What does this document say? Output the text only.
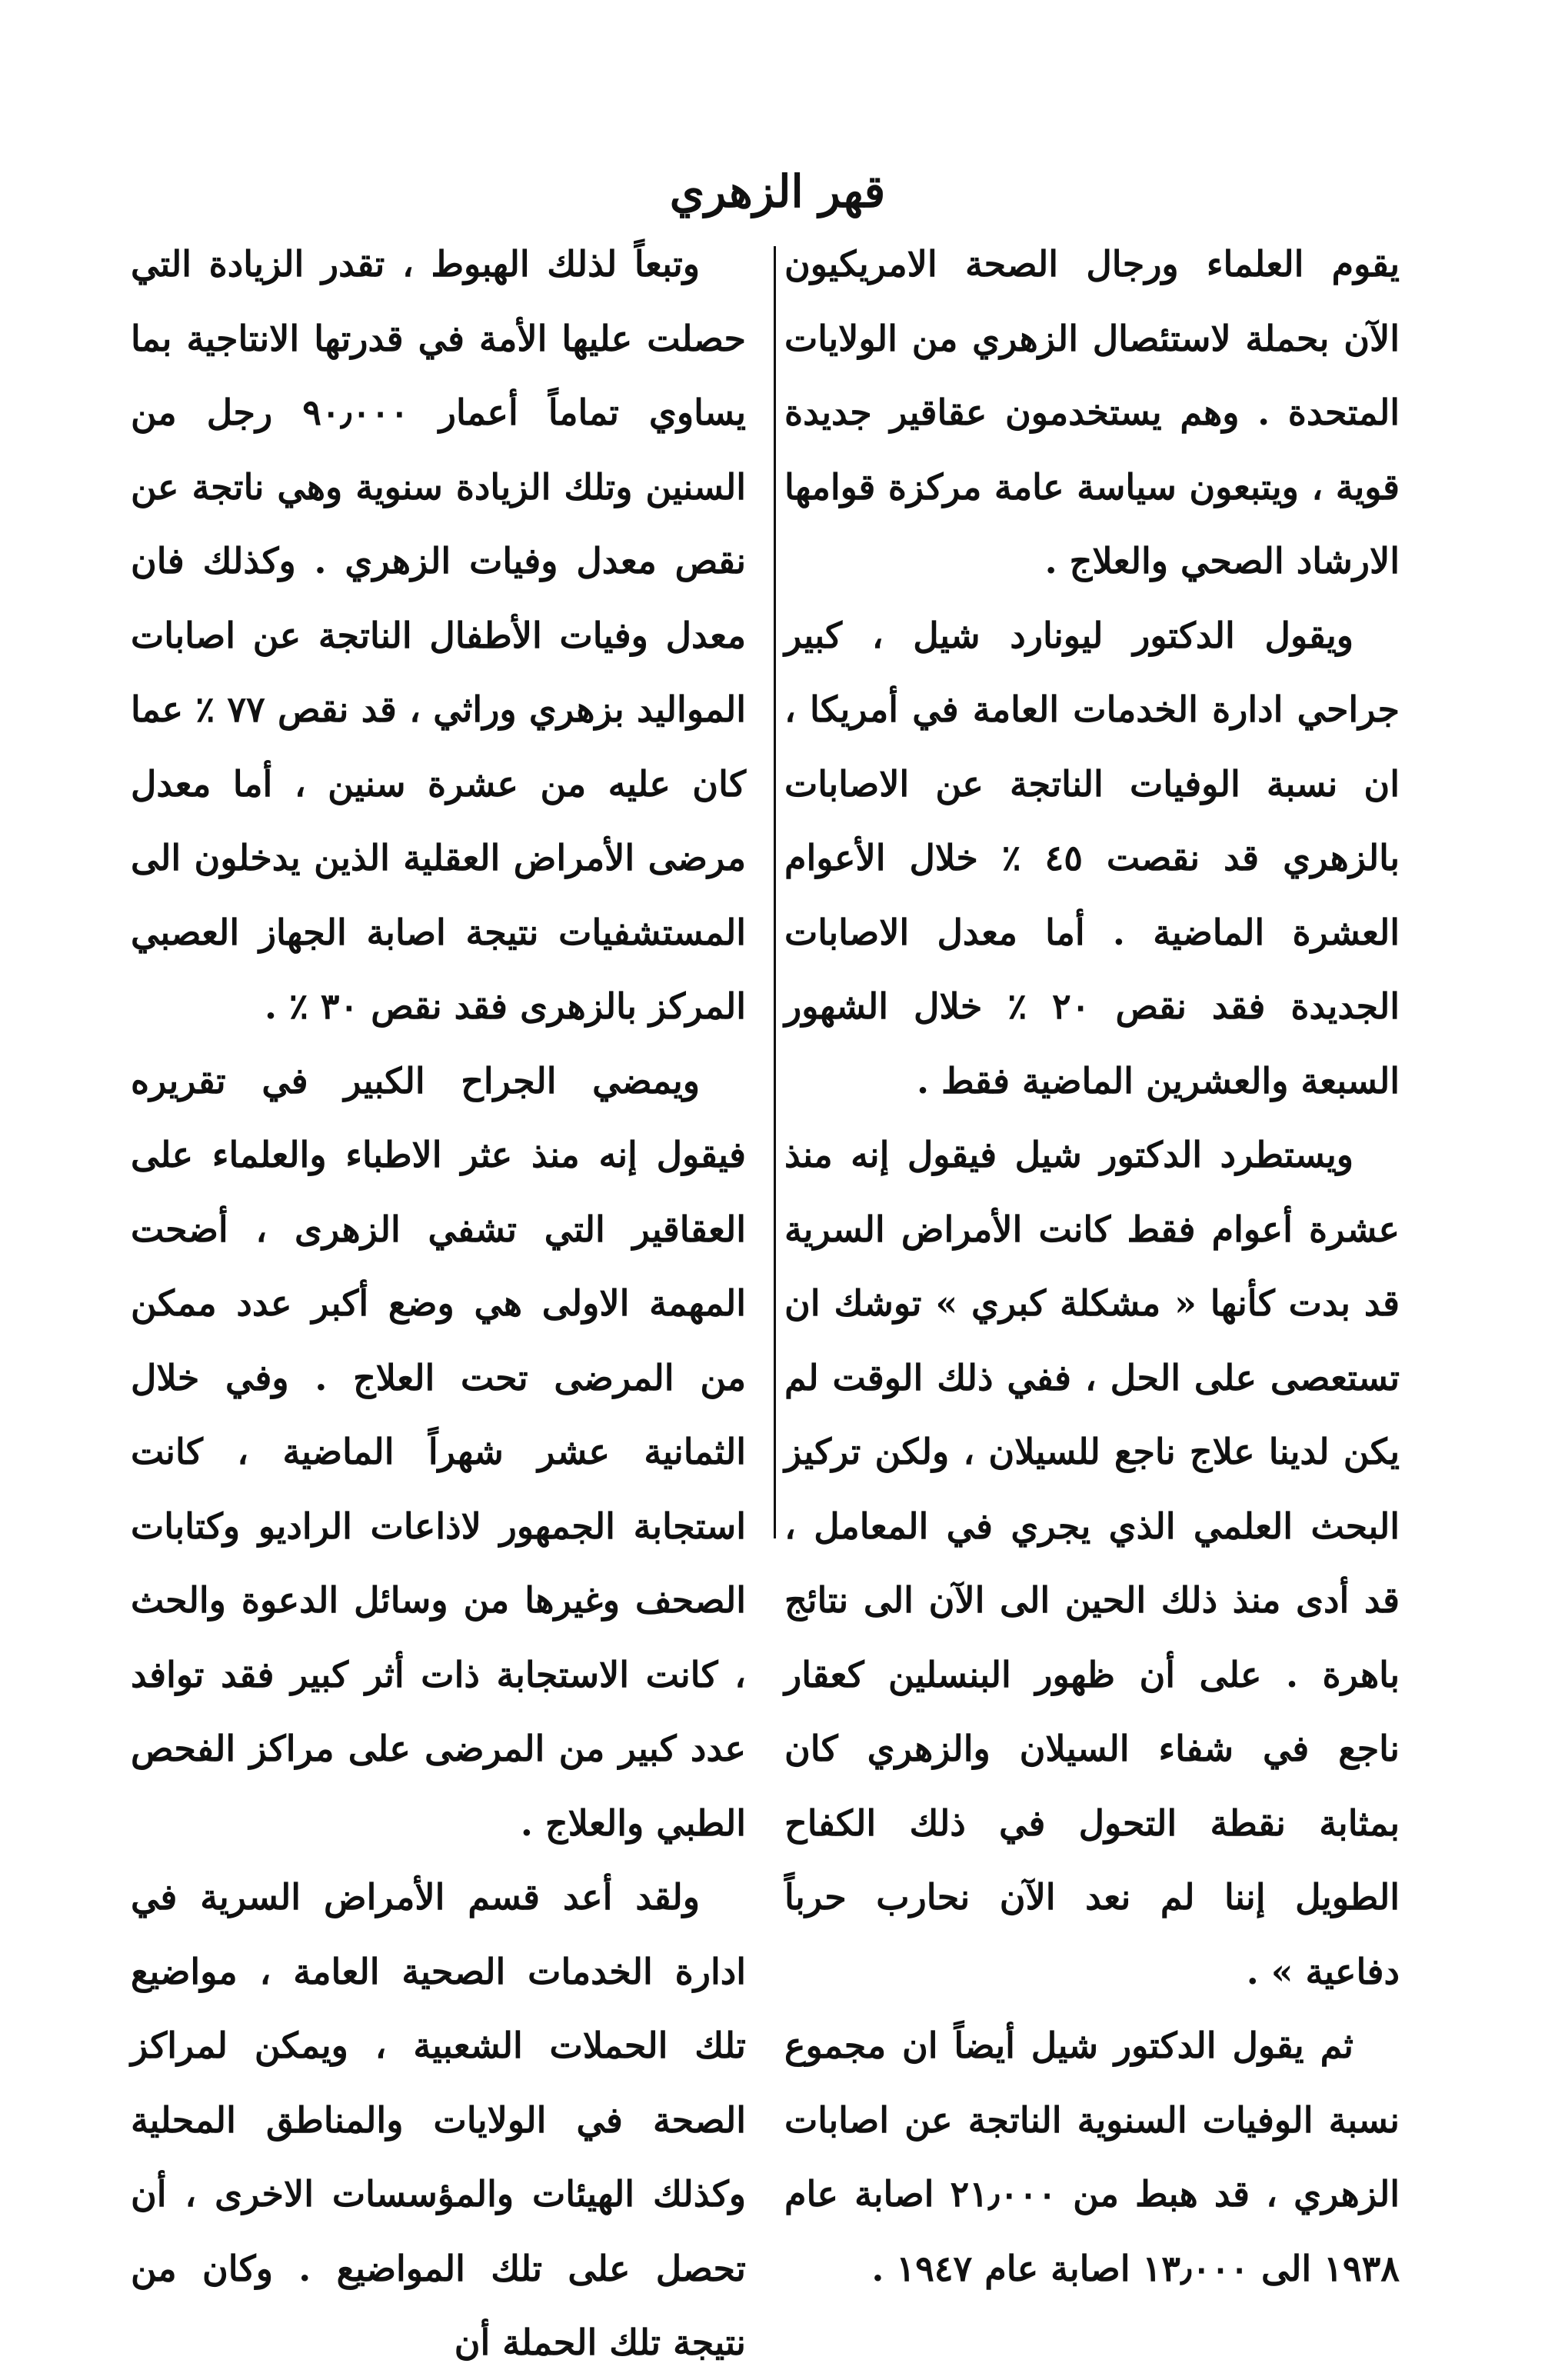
قهر الزهري

يقوم العلماء ورجال الصحة الامريكيون الآن بحملة لاستئصال الزهري من الولايات المتحدة . وهم يستخدمون عقاقير جديدة قوية ، ويتبعون سياسة عامة مركزة قوامها الارشاد الصحي والعلاج .

ويقول الدكتور ليونارد شيل ، كبير جراحي ادارة الخدمات العامة في أمريكا ، ان نسبة الوفيات الناتجة عن الاصابات بالزهري قد نقصت ٤٥ ٪ خلال الأعوام العشرة الماضية . أما معدل الاصابات الجديدة فقد نقص ٢٠ ٪ خلال الشهور السبعة والعشرين الماضية فقط .

ويستطرد الدكتور شيل فيقول إنه منذ عشرة أعوام فقط كانت الأمراض السرية قد بدت كأنها « مشكلة كبري » توشك ان تستعصى على الحل ، ففي ذلك الوقت لم يكن لدينا علاج ناجع للسيلان ، ولكن تركيز البحث العلمي الذي يجري في المعامل ، قد أدى منذ ذلك الحين الى الآن الى نتائج باهرة . على أن ظهور البنسلين كعقار ناجع في شفاء السيلان والزهري كان بمثابة نقطة التحول في ذلك الكفاح الطويل إننا لم نعد الآن نحارب حرباً دفاعية » .

ثم يقول الدكتور شيل أيضاً ان مجموع نسبة الوفيات السنوية الناتجة عن اصابات الزهري ، قد هبط من ٢١٫٠٠٠ اصابة عام ١٩٣٨ الى ١٣٫٠٠٠ اصابة عام ١٩٤٧ .

وتبعاً لذلك الهبوط ، تقدر الزيادة التي حصلت عليها الأمة في قدرتها الانتاجية بما يساوي تماماً أعمار ٩٠٫٠٠٠ رجل من السنين وتلك الزيادة سنوية وهي ناتجة عن نقص معدل وفيات الزهري . وكذلك فان معدل وفيات الأطفال الناتجة عن اصابات المواليد بزهري وراثي ، قد نقص ٧٧ ٪ عما كان عليه من عشرة سنين ، أما معدل مرضى الأمراض العقلية الذين يدخلون الى المستشفيات نتيجة اصابة الجهاز العصبي المركز بالزهرى فقد نقص ٣٠ ٪ .

ويمضي الجراح الكبير في تقريره فيقول إنه منذ عثر الاطباء والعلماء على العقاقير التي تشفي الزهرى ، أضحت المهمة الاولى هي وضع أكبر عدد ممكن من المرضى تحت العلاج . وفي خلال الثمانية عشر شهراً الماضية ، كانت استجابة الجمهور لاذاعات الراديو وكتابات الصحف وغيرها من وسائل الدعوة والحث ، كانت الاستجابة ذات أثر كبير فقد توافد عدد كبير من المرضى على مراكز الفحص الطبي والعلاج .

ولقد أعد قسم الأمراض السرية في ادارة الخدمات الصحية العامة ، مواضيع تلك الحملات الشعبية ، ويمكن لمراكز الصحة في الولايات والمناطق المحلية وكذلك الهيئات والمؤسسات الاخرى ، أن تحصل على تلك المواضيع . وكان من نتيجة تلك الحملة أن
